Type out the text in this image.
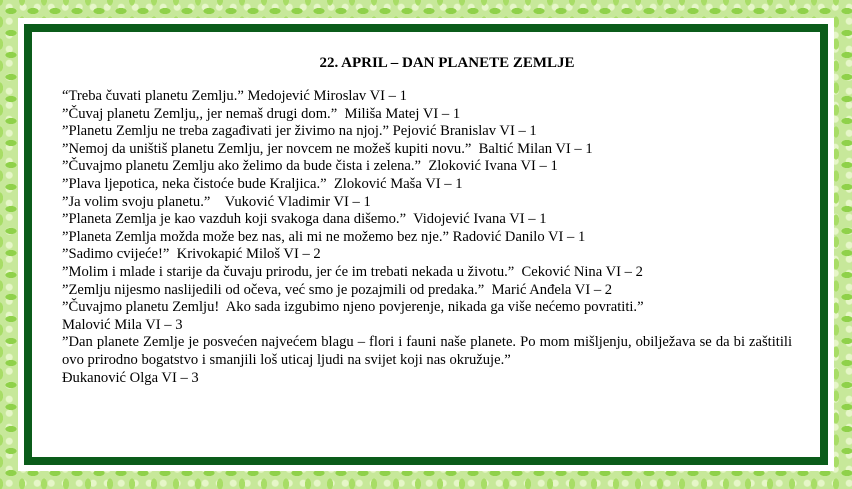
22. APRIL – DAN PLANETE ZEMLJE

“Treba čuvati planetu Zemlju.” Medojević Miroslav VI – 1

”Čuvaj planetu Zemlju,, jer nemaš drugi dom.”  Miliša Matej VI – 1

”Planetu Zemlju ne treba zagađivati jer živimo na njoj.” Pejović Branislav VI – 1

”Nemoj da uništiš planetu Zemlju, jer novcem ne možeš kupiti novu.”  Baltić Milan VI – 1

”Čuvajmo planetu Zemlju ako želimo da bude čista i zelena.”  Zloković Ivana VI – 1

”Plava ljepotica, neka čistoće bude Kraljica.”  Zloković Maša VI – 1

”Ja volim svoju planetu.”    Vuković Vladimir VI – 1

”Planeta Zemlja je kao vazduh koji svakoga dana dišemo.”  Vidojević Ivana VI – 1

”Planeta Zemlja možda može bez nas, ali mi ne možemo bez nje.” Radović Danilo VI – 1

”Sadimo cvijeće!”  Krivokapić Miloš VI – 2

”Molim i mlade i starije da čuvaju prirodu, jer će im trebati nekada u životu.”  Ceković Nina VI – 2

”Zemlju nijesmo naslijedili od očeva, već smo je pozajmili od predaka.”  Marić Anđela VI – 2

”Čuvajmo planetu Zemlju!  Ako sada izgubimo njeno povjerenje, nikada ga više nećemo povratiti.”

Malović Mila VI – 3

”Dan planete Zemlje je posvećen najvećem blagu – flori i fauni naše planete. Po mom mišljenju, obilježava se da bi zaštitili ovo prirodno bogatstvo i smanjili loš uticaj ljudi na svijet koji nas okružuje.”

Đukanović Olga VI – 3
